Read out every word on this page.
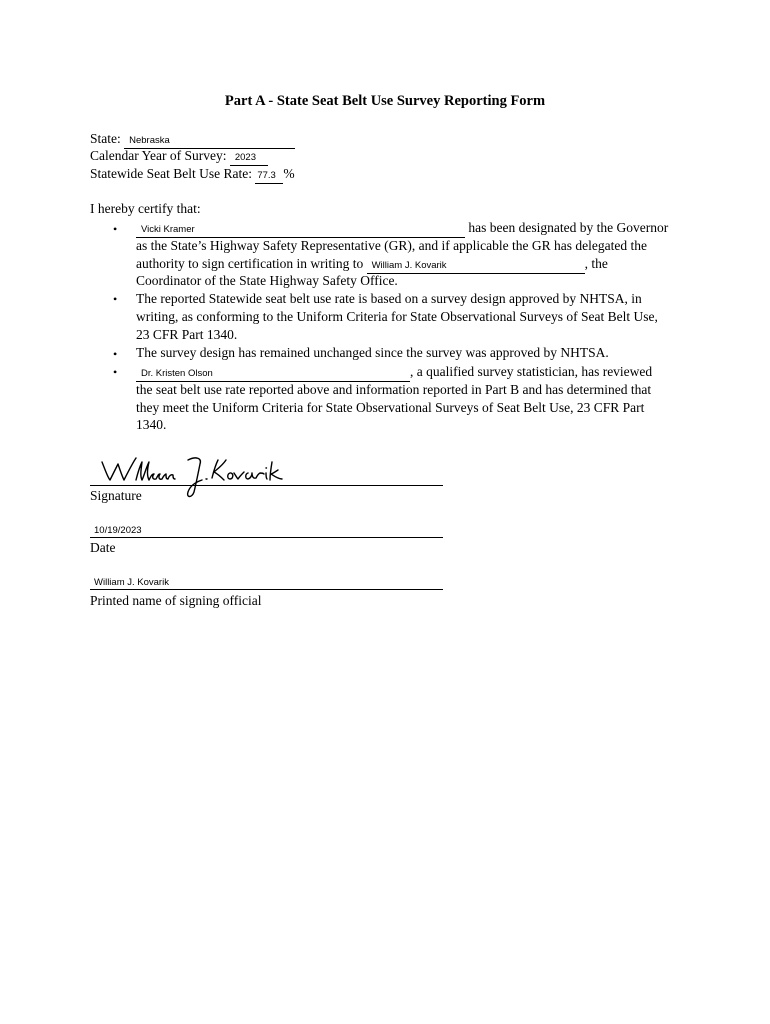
Part A - State Seat Belt Use Survey Reporting Form
State: Nebraska
Calendar Year of Survey: 2023
Statewide Seat Belt Use Rate: 77.3 %
I hereby certify that:
•	Vicki Kramer	has been designated by the Governor
as the State’s Highway Safety Representative (GR), and if applicable the GR has delegated the
authority to sign certification in writing to William J. Kovarik	, the
Coordinator of the State Highway Safety Office.
• The reported Statewide seat belt use rate is based on a survey design approved by NHTSA, in
writing, as conforming to the Uniform Criteria for State Observational Surveys of Seat Belt Use,
23 CFR Part 1340.
• The survey design has remained unchanged since the survey was approved by NHTSA.
•	Dr. Kristen Olson	, a qualified survey statistician, has reviewed
the seat belt use rate reported above and information reported in Part B and has determined that
they meet the Uniform Criteria for State Observational Surveys of Seat Belt Use, 23 CFR Part
1340.
Signature
10/19/2023
Date
William J. Kovarik
Printed name of signing official
